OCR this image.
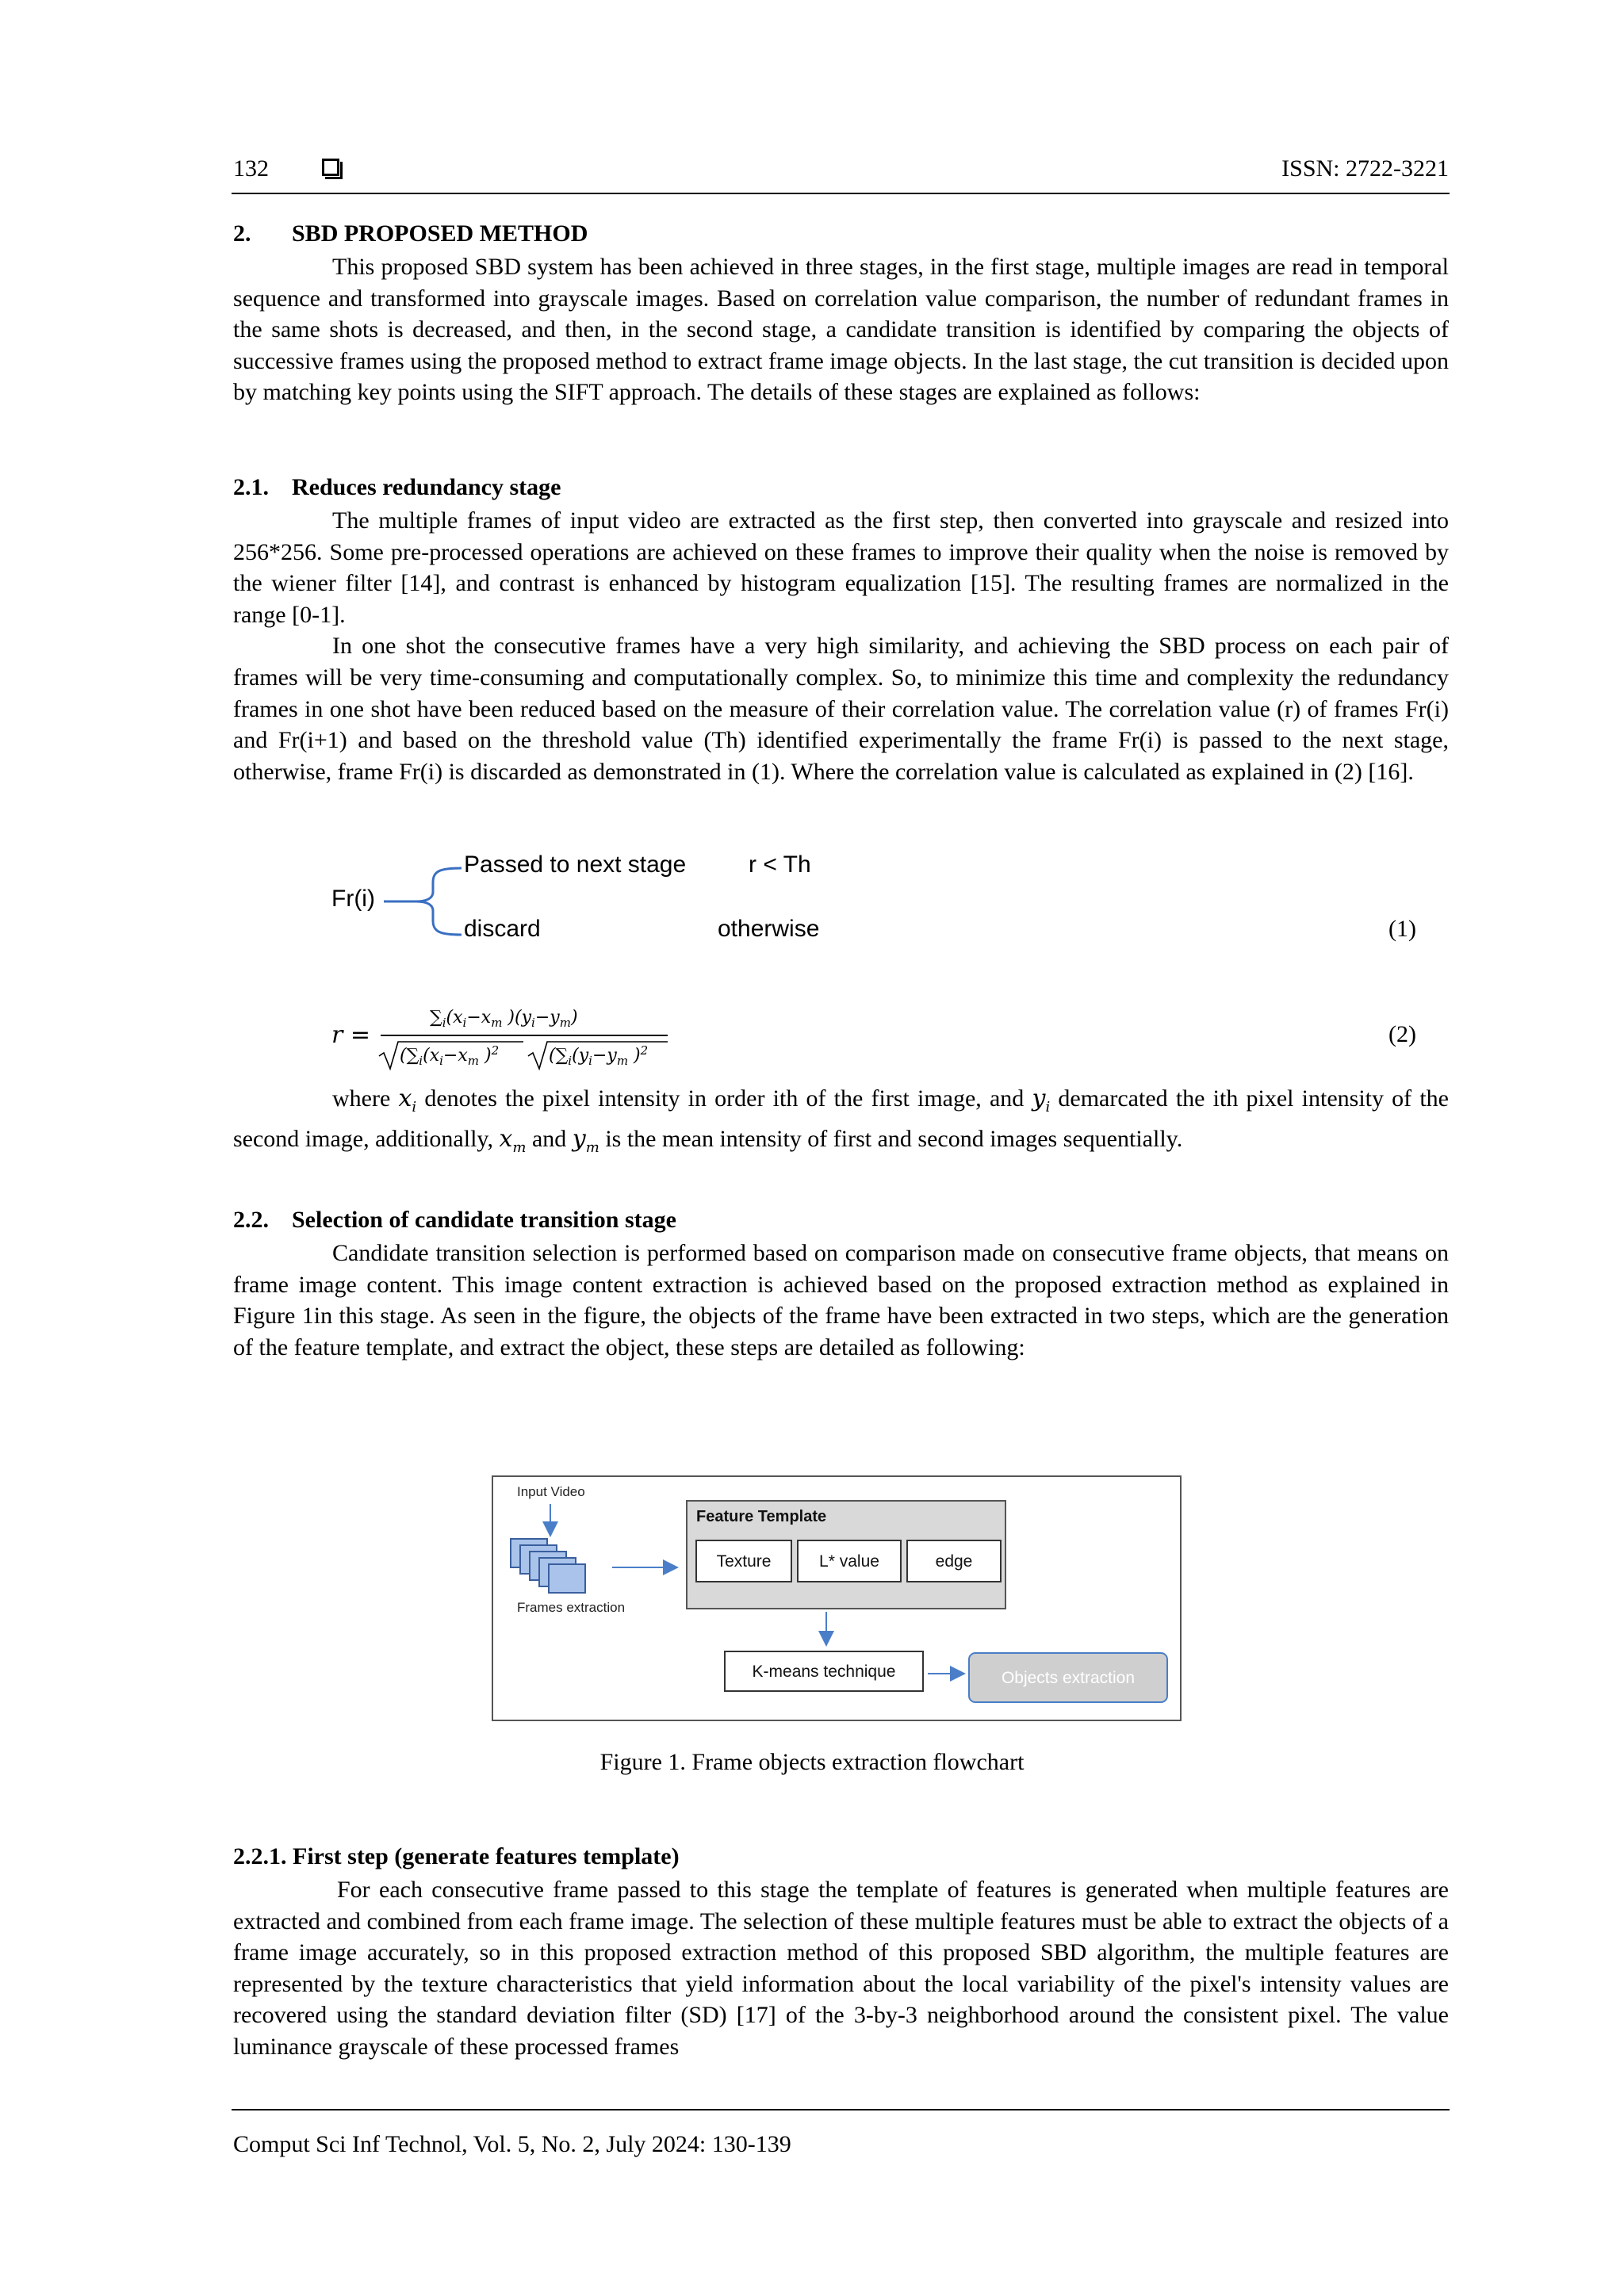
132	ISSN: 2722-3221
2. SBD PROPOSED METHOD

This proposed SBD system has been achieved in three stages, in the first stage, multiple images are read in temporal sequence and transformed into grayscale images. Based on correlation value comparison, the number of redundant frames in the same shots is decreased, and then, in the second stage, a candidate transition is identified by comparing the objects of successive frames using the proposed method to extract frame image objects. In the last stage, the cut transition is decided upon by matching key points using the SIFT approach. The details of these stages are explained as follows:

2.1. Reduces redundancy stage

The multiple frames of input video are extracted as the first step, then converted into grayscale and resized into 256*256. Some pre-processed operations are achieved on these frames to improve their quality when the noise is removed by the wiener filter [14], and contrast is enhanced by histogram equalization [15]. The resulting frames are normalized in the range [0-1].

In one shot the consecutive frames have a very high similarity, and achieving the SBD process on each pair of frames will be very time-consuming and computationally complex. So, to minimize this time and complexity the redundancy frames in one shot have been reduced based on the measure of their correlation value. The correlation value (r) of frames Fr(i) and Fr(i+1) and based on the threshold value (Th) identified experimentally the frame Fr(i) is passed to the next stage, otherwise, frame Fr(i) is discarded as demonstrated in (1). Where the correlation value is calculated as explained in (2) [16].

Fr(i)
Passed to next stage	r < Th
discard	otherwise	(1)
r =
$\sum_i(x_i-x_m$ )$(y_i-y_m)$
($\sum_i(x_i-x_m$ )$^2$	($\sum_i(y_i-y_m$ )$^2$
(2)

where $x_i$ denotes the pixel intensity in order ith of the first image, and $y_i$ demarcated the ith pixel intensity of the second image, additionally, $x_m$ and $y_m$ is the mean intensity of first and second images sequentially.

2.2. Selection of candidate transition stage

Candidate transition selection is performed based on comparison made on consecutive frame objects, that means on frame image content. This image content extraction is achieved based on the proposed extraction method as explained in Figure 1in this stage. As seen in the figure, the objects of the frame have been extracted in two steps, which are the generation of the feature template, and extract the object, these steps are detailed as following:

Input Video
Frames extraction
Feature Template
Texture	L* value	edge
K-means technique	Objects extraction
Figure 1. Frame objects extraction flowchart
2.2.1. First step (generate features template)

For each consecutive frame passed to this stage the template of features is generated when multiple features are extracted and combined from each frame image. The selection of these multiple features must be able to extract the objects of a frame image accurately, so in this proposed extraction method of this proposed SBD algorithm, the multiple features are represented by the texture characteristics that yield information about the local variability of the pixel's intensity values are recovered using the standard deviation filter (SD) [17] of the 3-by-3 neighborhood around the consistent pixel. The value luminance grayscale of these processed frames

Comput Sci Inf Technol, Vol. 5, No. 2, July 2024: 130-139
